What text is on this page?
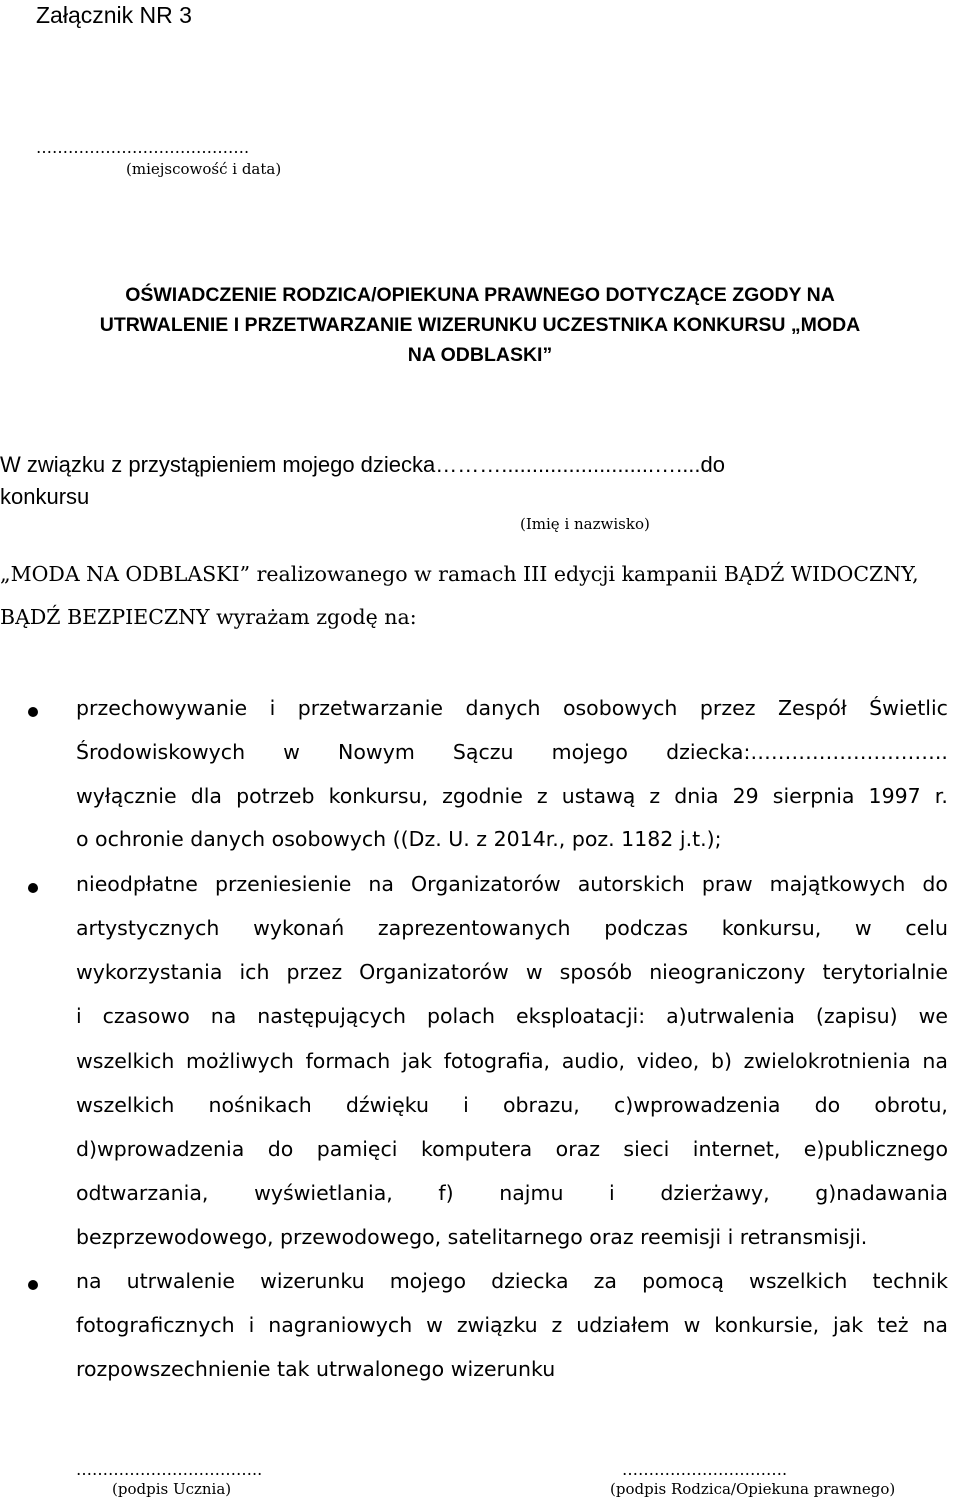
Załącznik NR 3
………………………………….
(miejscowość i data)
OŚWIADCZENIE RODZICA/OPIEKUNA PRAWNEGO DOTYCZĄCE ZGODY NA
UTRWALENIE I PRZETWARZANIE WIZERUNKU UCZESTNIKA KONKURSU „MODA
NA ODBLASKI”
W związku z przystąpieniem mojego dziecka……….........................…....do
konkursu
(Imię i nazwisko)
„MODA NA ODBLASKI” realizowanego w ramach III edycji kampanii BĄDŹ WIDOCZNY,
BĄDŹ BEZPIECZNY wyrażam zgodę na:
przechowywanie i przetwarzanie danych osobowych przez Zespół Świetlic
Środowiskowych w Nowym Sączu mojego dziecka:………………………..
wyłącznie dla potrzeb konkursu, zgodnie z ustawą z dnia 29 sierpnia 1997 r.
o ochronie danych osobowych ((Dz. U. z 2014r., poz. 1182 j.t.);
nieodpłatne przeniesienie na Organizatorów autorskich praw majątkowych do
artystycznych wykonań zaprezentowanych podczas konkursu, w celu
wykorzystania ich przez Organizatorów w sposób nieograniczony terytorialnie
i czasowo na następujących polach eksploatacji: a)utrwalenia (zapisu) we
wszelkich możliwych formach jak fotografia, audio, video, b) zwielokrotnienia na
wszelkich nośnikach dźwięku i obrazu, c)wprowadzenia do obrotu,
d)wprowadzenia do pamięci komputera oraz sieci internet, e)publicznego
odtwarzania, wyświetlania, f) najmu i dzierżawy, g)nadawania
bezprzewodowego, przewodowego, satelitarnego oraz reemisji i retransmisji.
na utrwalenie wizerunku mojego dziecka za pomocą wszelkich technik
fotograficznych i nagraniowych w związku z udziałem w konkursie, jak też na
rozpowszechnienie tak utrwalonego wizerunku
……………………………..
(podpis Ucznia)
………………………….
(podpis Rodzica/Opiekuna prawnego)
